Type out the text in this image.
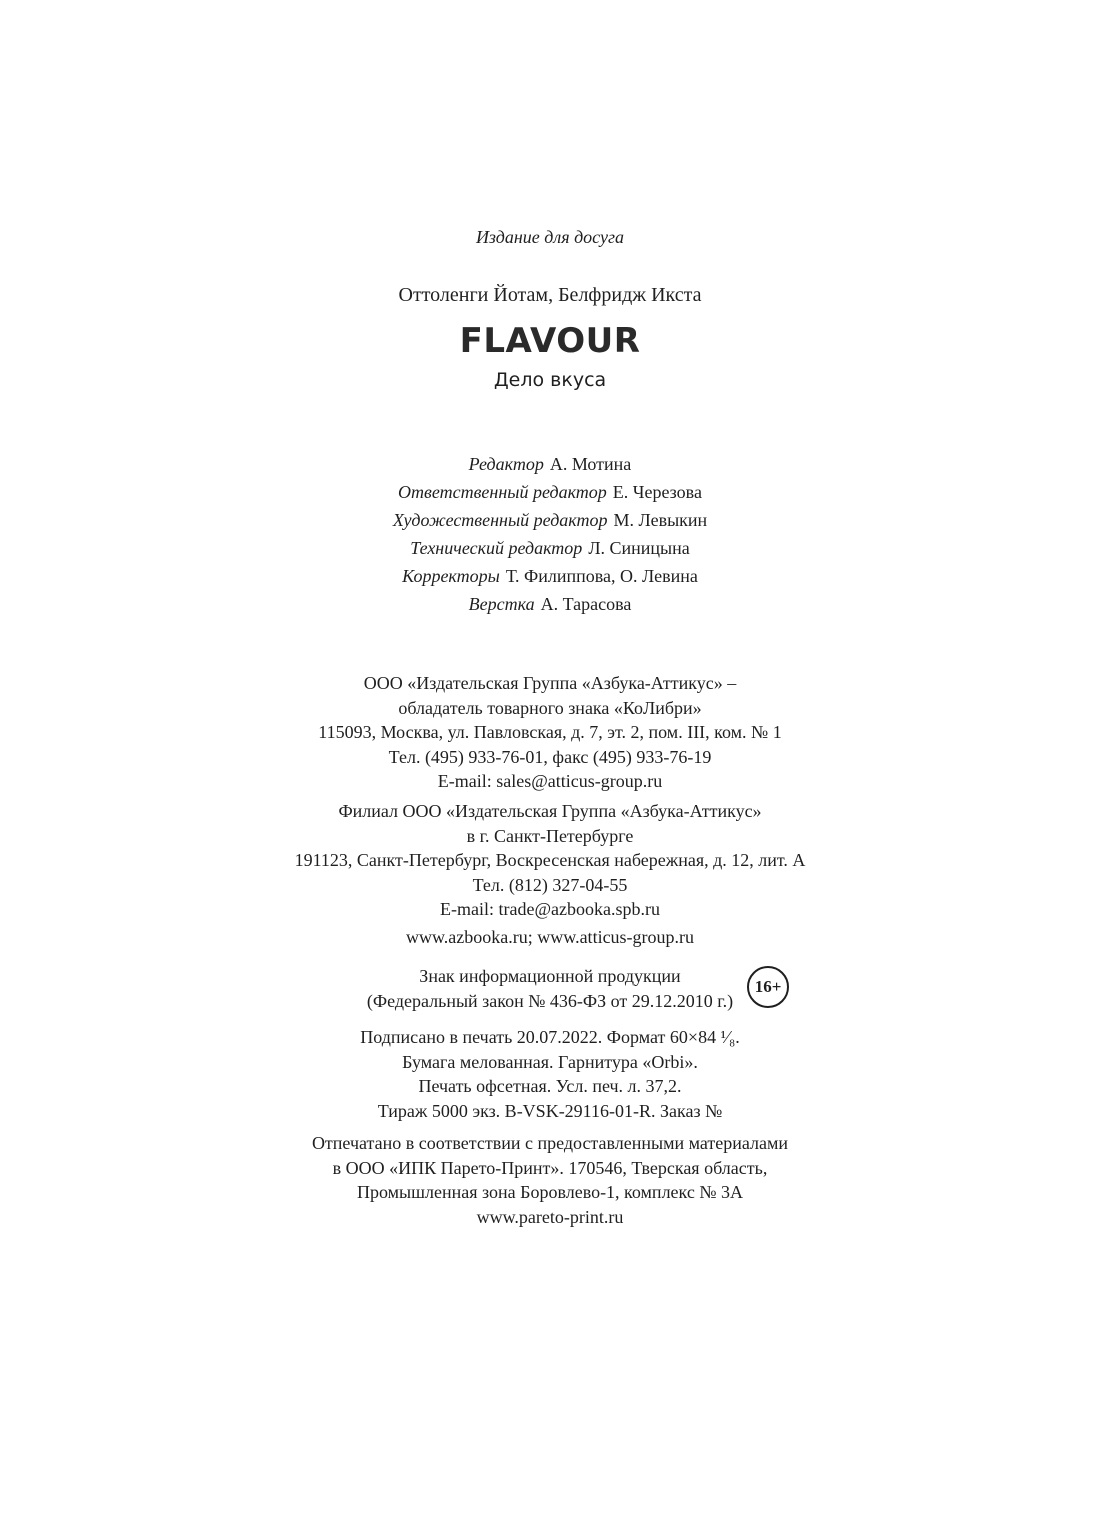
Издание для досуга
Оттоленги Йотам, Белфридж Икста
FLAVOUR
Дело вкуса
Редактор А. Мотина
Ответственный редактор Е. Черезова
Художественный редактор М. Левыкин
Технический редактор Л. Синицына
Корректоры Т. Филиппова, О. Левина
Верстка А. Тарасова
ООО «Издательская Группа «Азбука-Аттикус» –
обладатель товарного знака «КоЛибри»
115093, Москва, ул. Павловская, д. 7, эт. 2, пом. III, ком. № 1
Тел. (495) 933-76-01, факс (495) 933-76-19
E-mail: sales@atticus-group.ru
Филиал ООО «Издательская Группа «Азбука-Аттикус»
в г. Санкт-Петербурге
191123, Санкт-Петербург, Воскресенская набережная, д. 12, лит. А
Тел. (812) 327-04-55
E-mail: trade@azbooka.spb.ru
www.azbooka.ru; www.atticus-group.ru
Знак информационной продукции
(Федеральный закон № 436-ФЗ от 29.12.2010 г.)
16+
Подписано в печать 20.07.2022. Формат 60×84 ¹⁄₈.
Бумага мелованная. Гарнитура «Orbi».
Печать офсетная. Усл. печ. л. 37,2.
Тираж 5000 экз. В-VSK-29116-01-R. Заказ №
Отпечатано в соответствии с предоставленными материалами
в ООО «ИПК Парето-Принт». 170546, Тверская область,
Промышленная зона Боровлево-1, комплекс № 3А
www.pareto-print.ru
